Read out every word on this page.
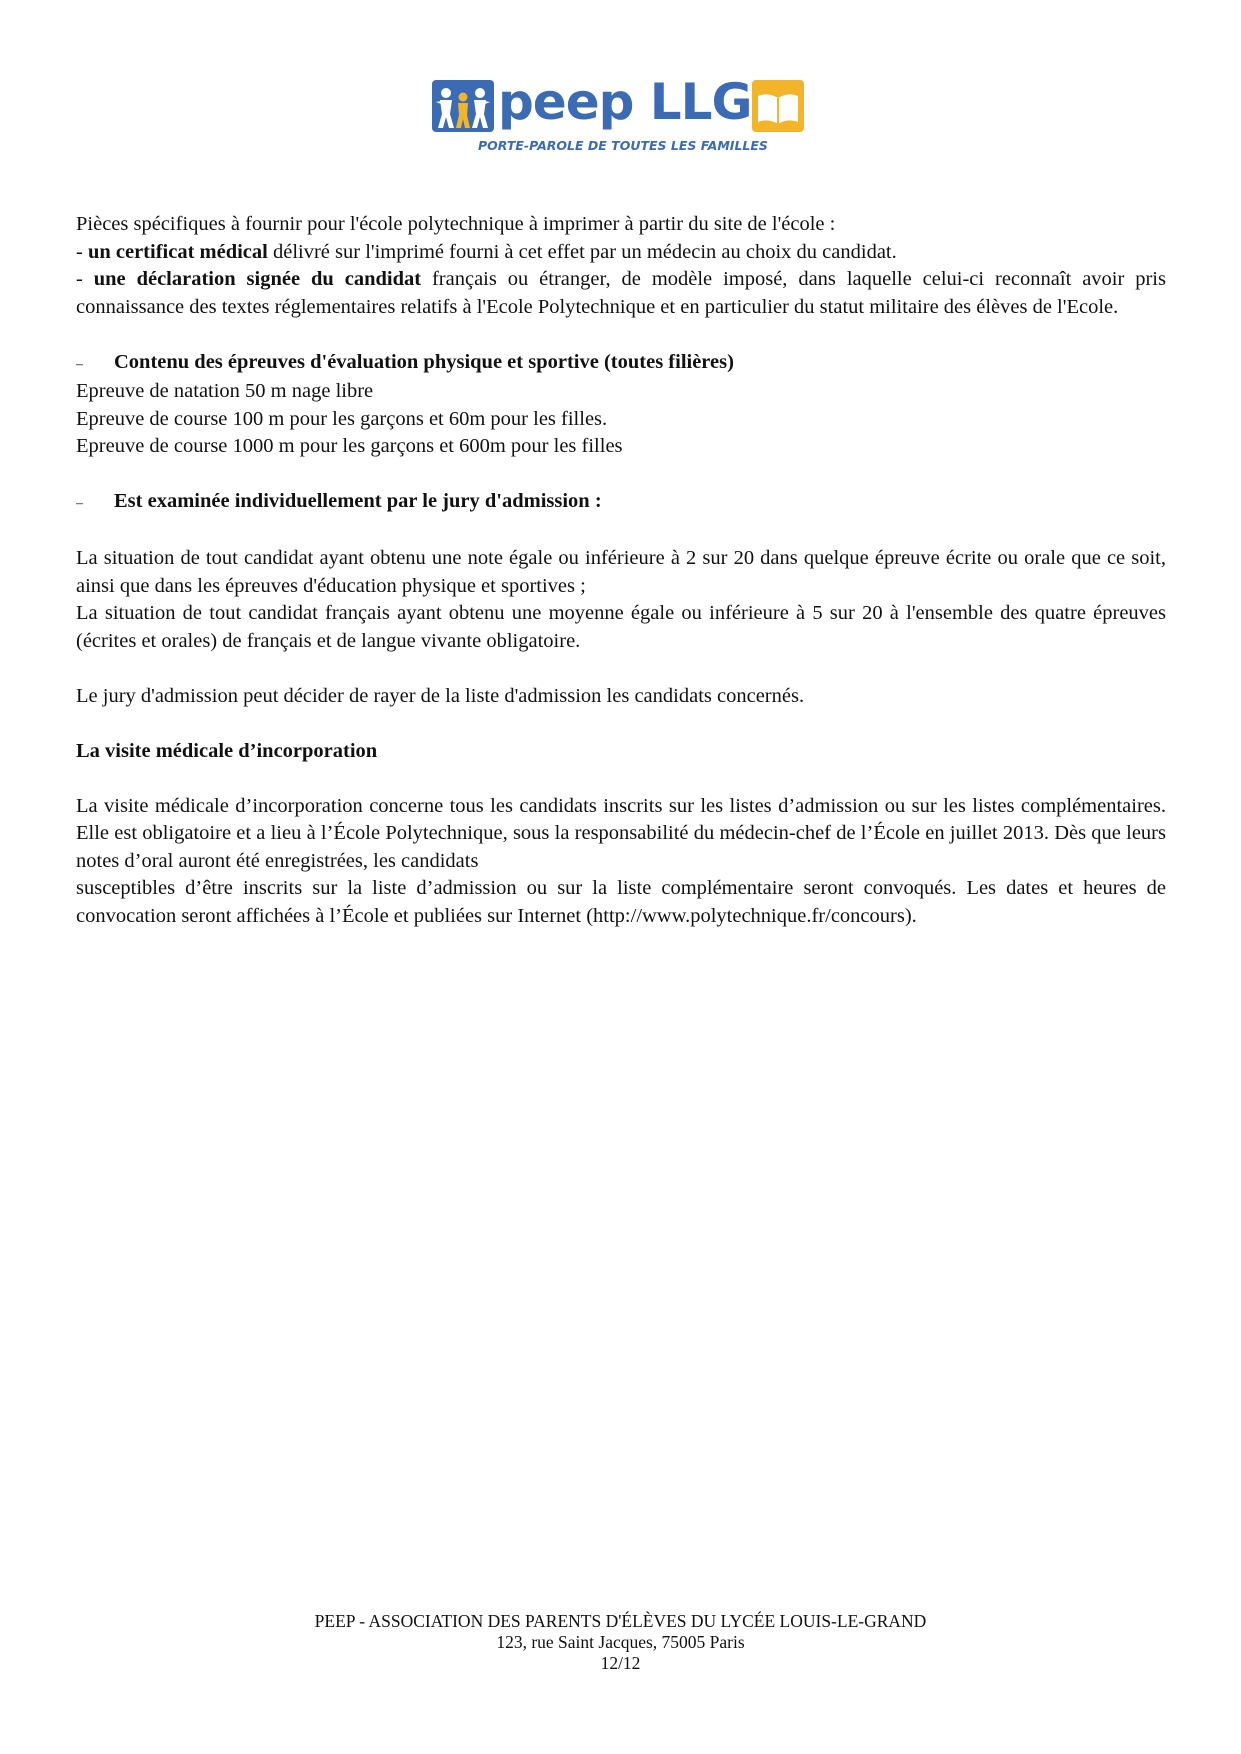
peep LLG
PORTE-PAROLE DE TOUTES LES FAMILLES

Pièces spécifiques à fournir pour l'école polytechnique à imprimer à partir du site de l'école :

- un certificat médical délivré sur l'imprimé fourni à cet effet par un médecin au choix du candidat.

- une déclaration signée du candidat français ou étranger, de modèle imposé, dans laquelle celui-ci reconnaît avoir pris connaissance des textes réglementaires relatifs à l'Ecole Polytechnique et en particulier du statut militaire des élèves de l'Ecole.

–	Contenu des épreuves d'évaluation physique et sportive (toutes filières)

Epreuve de natation 50 m nage libre

Epreuve de course 100 m pour les garçons et 60m pour les filles.

Epreuve de course 1000 m pour les garçons et 600m pour les filles

–	Est examinée individuellement par le jury d'admission :

La situation de tout candidat ayant obtenu une note égale ou inférieure à 2 sur 20 dans quelque épreuve écrite ou orale que ce soit, ainsi que dans les épreuves d'éducation physique et sportives ;

La situation de tout candidat français ayant obtenu une moyenne égale ou inférieure à 5 sur 20 à l'ensemble des quatre épreuves (écrites et orales) de français et de langue vivante obligatoire.

Le jury d'admission peut décider de rayer de la liste d'admission les candidats concernés.

La visite médicale d’incorporation

La visite médicale d’incorporation concerne tous les candidats inscrits sur les listes d’admission ou sur les listes complémentaires. Elle est obligatoire et a lieu à l’École Polytechnique, sous la responsabilité du médecin-chef de l’École en juillet 2013. Dès que leurs notes d’oral auront été enregistrées, les candidats

susceptibles d’être inscrits sur la liste d’admission ou sur la liste complémentaire seront convoqués. Les dates et heures de convocation seront affichées à l’École et publiées sur Internet (http://www.polytechnique.fr/concours).

PEEP - ASSOCIATION DES PARENTS D'ÉLÈVES DU LYCÉE LOUIS-LE-GRAND
123, rue Saint Jacques, 75005 Paris
12/12
